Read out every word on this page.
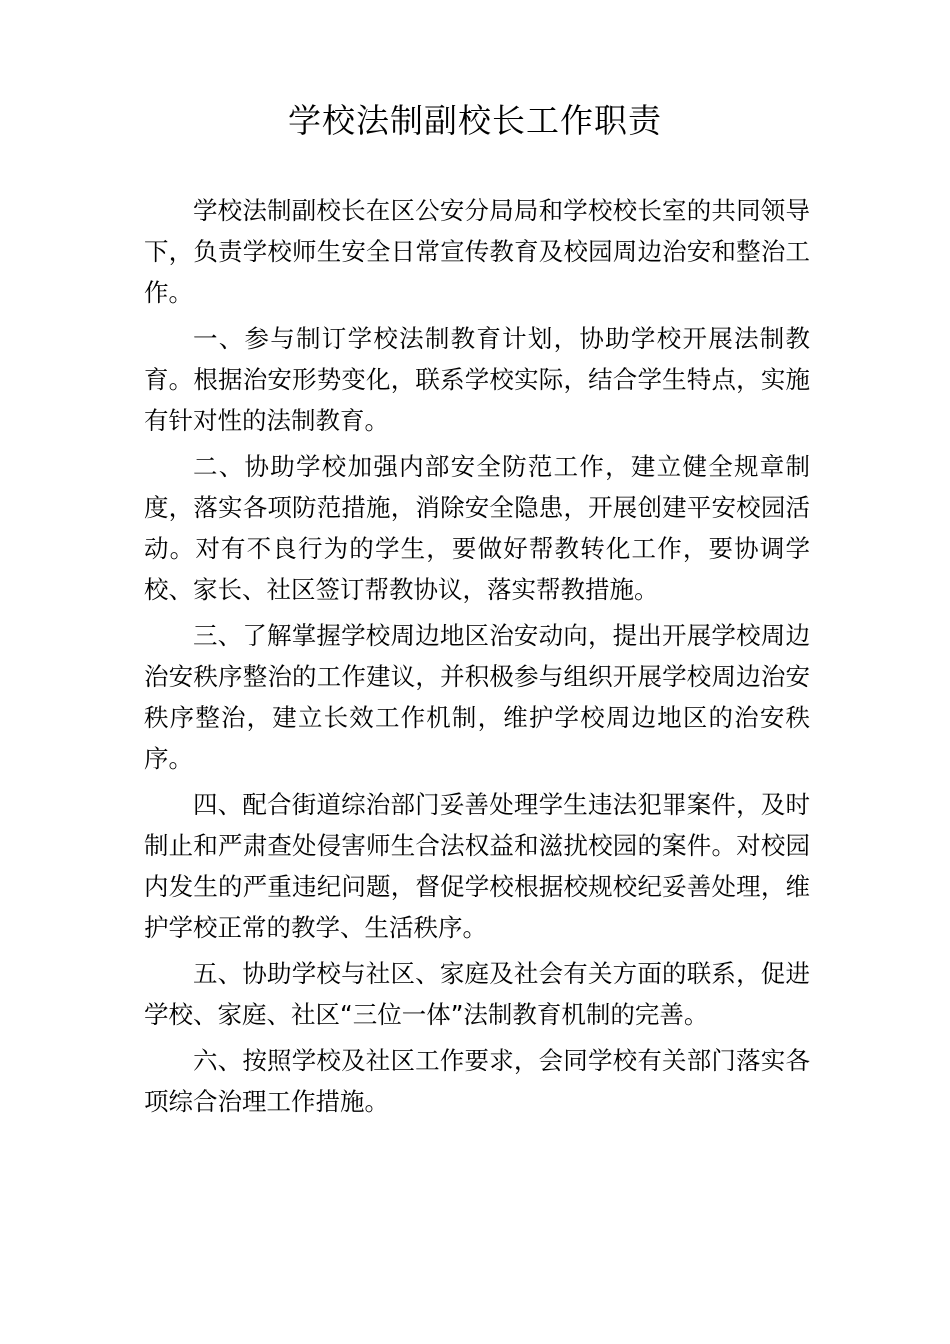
学校法制副校长工作职责

学校法制副校长在区公安分局局和学校校长室的共同领导下，负责学校师生安全日常宣传教育及校园周边治安和整治工作。

一、参与制订学校法制教育计划，协助学校开展法制教育。根据治安形势变化，联系学校实际，结合学生特点，实施有针对性的法制教育。

二、协助学校加强内部安全防范工作，建立健全规章制度，落实各项防范措施，消除安全隐患，开展创建平安校园活动。对有不良行为的学生，要做好帮教转化工作，要协调学校、家长、社区签订帮教协议，落实帮教措施。

三、了解掌握学校周边地区治安动向，提出开展学校周边治安秩序整治的工作建议，并积极参与组织开展学校周边治安秩序整治，建立长效工作机制，维护学校周边地区的治安秩序。

四、配合街道综治部门妥善处理学生违法犯罪案件，及时制止和严肃查处侵害师生合法权益和滋扰校园的案件。对校园内发生的严重违纪问题，督促学校根据校规校纪妥善处理，维护学校正常的教学、生活秩序。

五、协助学校与社区、家庭及社会有关方面的联系，促进学校、家庭、社区“三位一体”法制教育机制的完善。

六、按照学校及社区工作要求，会同学校有关部门落实各项综合治理工作措施。
